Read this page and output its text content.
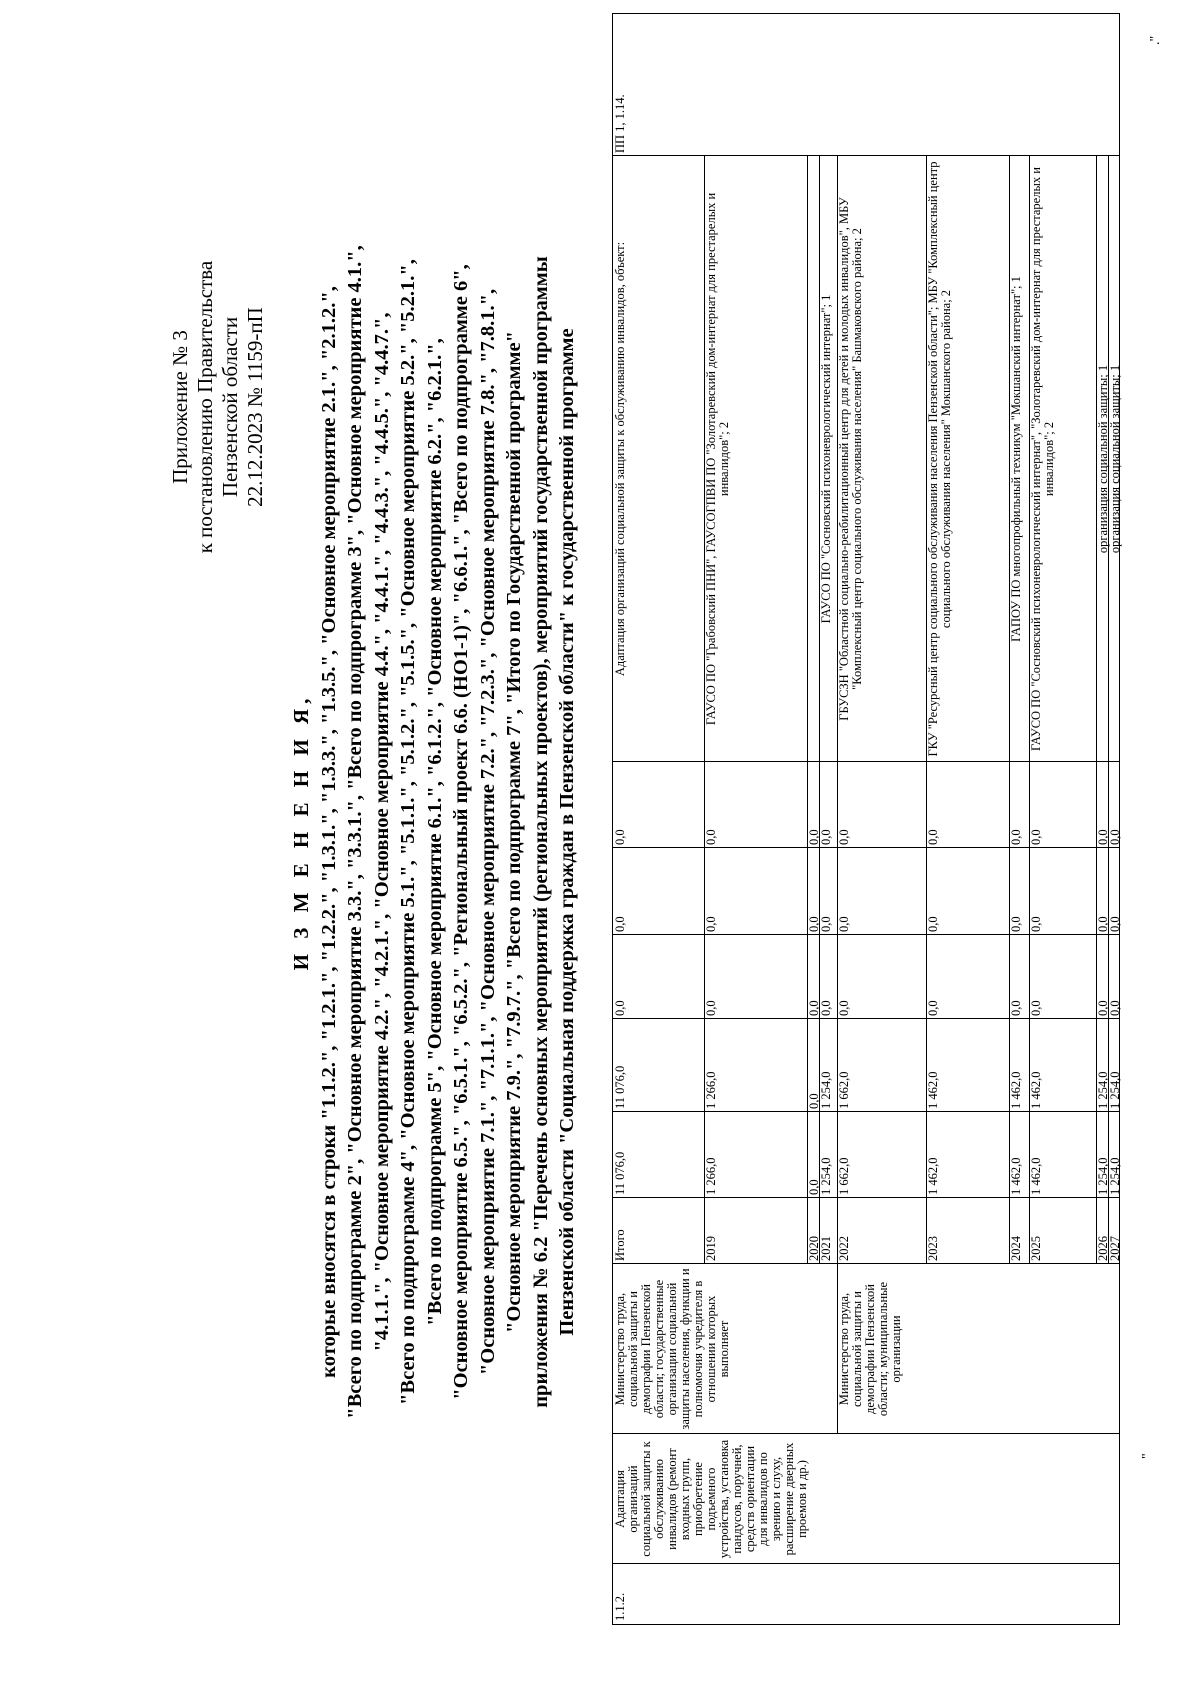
Приложение № 3 к постановлению Правительства Пензенской области 22.12.2023 № 1159-пП
И З М Е Н Е Н И Я, которые вносятся в строки "1.1.2.", "1.2.1.", "1.2.2.", "1.3.1.", "1.3.3.", "1.3.5.", "Основное мероприятие 2.1.", "2.1.2.", "Всего по подпрограмме 2", "Основное мероприятие 3.3.", "3.3.1.", "Всего по подпрограмме 3", "Основное мероприятие 4.1.", "4.1.1.", "Основное мероприятие 4.2.", "4.2.1.", "Основное мероприятие 4.4.", "4.4.1.", "4.4.3.", "4.4.5.", "4.4.7.", "Всего по подпрограмме 4", "Основное мероприятие 5.1.", "5.1.1.", "5.1.2.", "5.1.5.", "Основное мероприятие 5.2.", "5.2.1.", "Всего по подпрограмме 5", "Основное мероприятие 6.1.", "6.1.2.", "Основное мероприятие 6.2.", "6.2.1.", "Основное мероприятие 6.5.", "6.5.1.", "6.5.2.", "Региональный проект 6.6. (НО1-1)", "6.6.1.", "Всего по подпрограмме 6", "Основное мероприятие 7.1.", "7.1.1.", "Основное мероприятие 7.2.", "7.2.3.", "Основное мероприятие 7.8.", "7.8.1.", "Основное мероприятие 7.9.", "7.9.7.", "Всего по подпрограмме 7", "Итого по Государственной программе" приложения № 6.2 "Перечень основных мероприятий (региональных проектов), мероприятий государственной программы Пензенской области "Социальная поддержка граждан в Пензенской области" к государственной программе
1.1.2.
Адаптация организаций социальной защиты к обслуживанию инвалидов (ремонт входных групп, приобретение подъемного устройства, установка пандусов, поручней, средств ориентации для инвалидов по зрению и слуху, расширение дверных проемов и др.)
Министерство труда, социальной защиты и демографии Пензенской области; государственные организации социальной защиты населения, функции и полномочия учредителя в отношении которых выполняет	Министерство труда, социальной защиты и демографии Пензенской области; муниципальные организации
ПП 1, 1.14.
Итого
11 076,0
11 076,0
0,0
0,0
0,0
Адаптация организаций социальной защиты к обслуживанию инвалидов, объект:
2019
1 266,0
1 266,0
0,0
0,0
0,0
ГАУСО ПО "Грабовский ПНИ", ГАУСОГПВИ ПО "Золотаревский дом-интернат для престарелых и инвалидов"; 2
2020
0,0
0,0
0,0
0,0
0,0
2021
1 254,0
1 254,0
0,0
0,0
0,0
ГАУСО ПО "Сосновский психоневрологический интернат"; 1
2022
1 662,0
1 662,0
0,0
0,0
0,0
ГБУСЗН "Областной социально-реабилитационный центр для детей и молодых инвалидов", МБУ "Комплексный центр социального обслуживания населения" Башмаковского района; 2
2023
1 462,0
1 462,0
0,0
0,0
0,0
ГКУ "Ресурсный центр социального обслуживания населения Пензенской области"; МБУ "Комплексный центр социального обслуживания населения" Мокшанского района; 2
2024
1 462,0
1 462,0
0,0
0,0
0,0
ГАПОУ ПО многопрофильный техникум "Мокшанский интернат"; 1
2025
1 462,0
1 462,0
0,0
0,0
0,0
ГАУСО ПО "Сосновский психоневрологический интернат", "Золотаревский дом-интернат для престарелых и инвалидов"; 2
2026
1 254,0
1 254,0
0,0
0,0
0,0
организация социальной защиты; 1
2027
1 254,0
1 254,0
0,0
0,0
0,0
организация социальной защиты; 1
"
."
